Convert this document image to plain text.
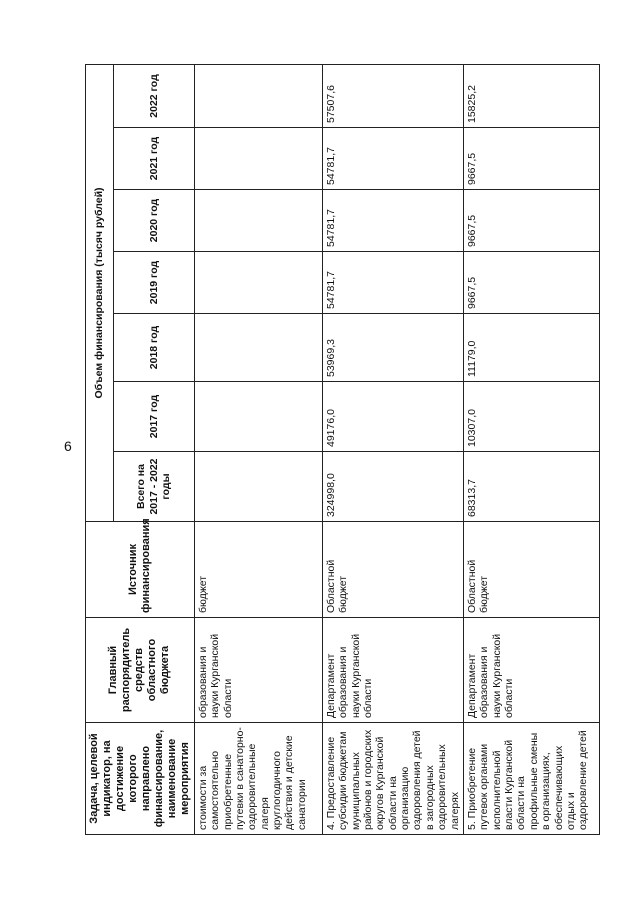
6
Задача, целевой индикатор, на достижение которого направлено финансирование, наименование мероприятия	Главный распорядитель средств областного бюджета	Источник финансирования	Объем финансирования (тысяч рублей)						
			Всего на 2017 - 2022 годы	2017 год	2018 год	2019 год	2020 год	2021 год	2022 год
стоимости за самостоятельно приобретенные путевки в санаторно-оздоровительные лагеря круглогодичного действия и детские санатории	образования и науки Курганской области	бюджет							
4. Предоставление субсидии бюджетам муниципальных районов и городских округов Курганской области на организацию оздоровления детей в загородных оздоровительных лагерях	Департамент образования и науки Курганской области	Областной бюджет	324998,0	49176,0	53969,3	54781,7	54781,7	54781,7	57507,6
5. Приобретение путевок органами исполнительной власти Курганской области на профильные смены в организациях, обеспечивающих отдых и оздоровление детей	Департамент образования и науки Курганской области	Областной бюджет	68313,7	10307,0	11179,0	9667,5	9667,5	9667,5	15825,2
